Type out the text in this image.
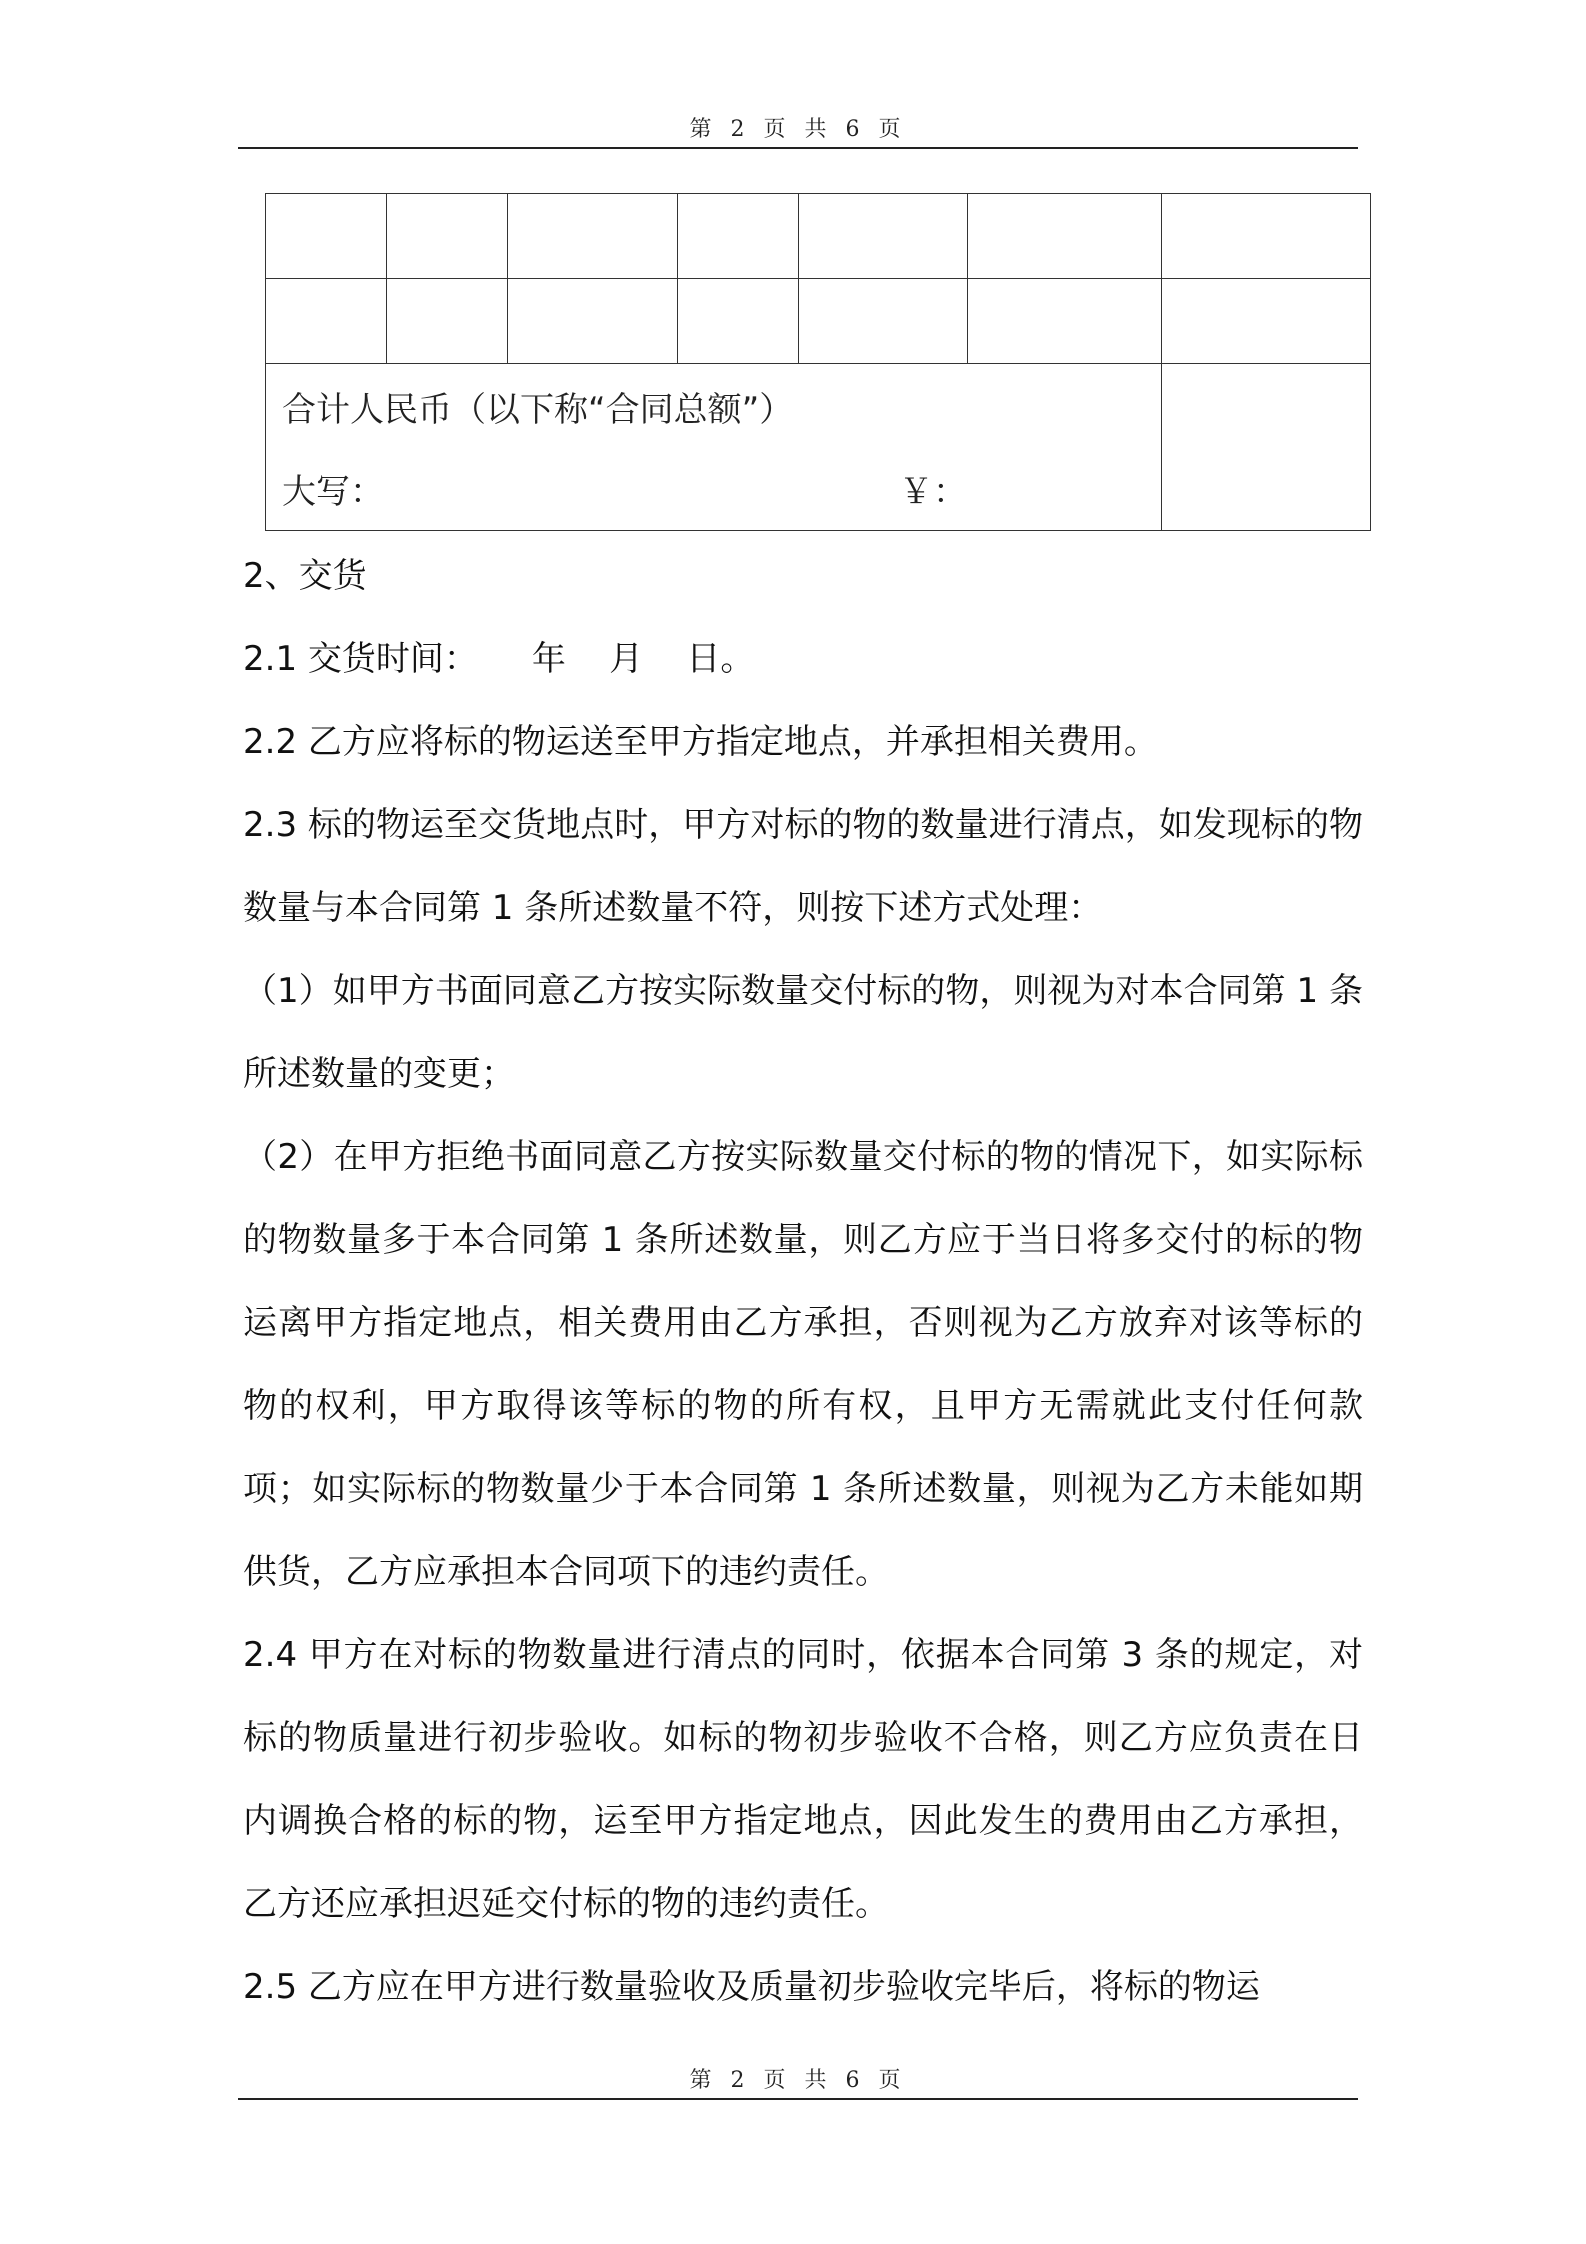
第 2 页 共 6 页

合计人民币（以下称“合同总额”）
大写： ￥：						

2、交货

2.1 交货时间：     年    月    日。

2.2 乙方应将标的物运送至甲方指定地点，并承担相关费用。

2.3 标的物运至交货地点时，甲方对标的物的数量进行清点，如发现标的物数量与本合同第 1 条所述数量不符，则按下述方式处理：

（1）如甲方书面同意乙方按实际数量交付标的物，则视为对本合同第 1 条所述数量的变更；

（2）在甲方拒绝书面同意乙方按实际数量交付标的物的情况下，如实际标的物数量多于本合同第 1 条所述数量，则乙方应于当日将多交付的标的物运离甲方指定地点，相关费用由乙方承担，否则视为乙方放弃对该等标的物的权利，甲方取得该等标的物的所有权，且甲方无需就此支付任何款项；如实际标的物数量少于本合同第 1 条所述数量，则视为乙方未能如期供货，乙方应承担本合同项下的违约责任。

2.4 甲方在对标的物数量进行清点的同时，依据本合同第 3 条的规定，对标的物质量进行初步验收。如标的物初步验收不合格，则乙方应负责在日内调换合格的标的物，运至甲方指定地点，因此发生的费用由乙方承担，乙方还应承担迟延交付标的物的违约责任。

2.5 乙方应在甲方进行数量验收及质量初步验收完毕后，将标的物运

第 2 页 共 6 页
